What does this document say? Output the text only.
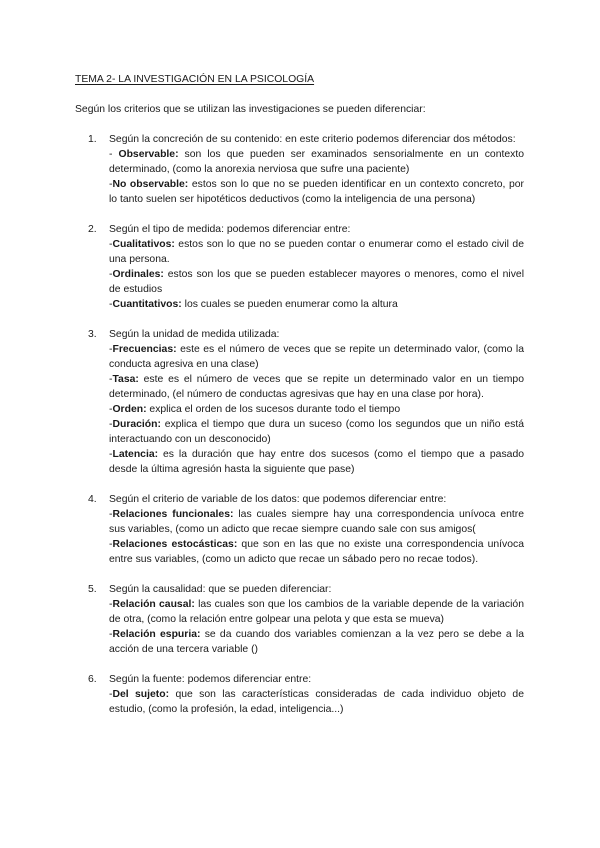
TEMA 2- LA INVESTIGACIÓN EN LA PSICOLOGÍA
Según los criterios que se utilizan las investigaciones se pueden diferenciar:
1. Según la concreción de su contenido: en este criterio podemos diferenciar dos métodos:
- Observable: son los que pueden ser examinados sensorialmente en un contexto determinado, (como la anorexia nerviosa que sufre una paciente)
-No observable: estos son lo que no se pueden identificar en un contexto concreto, por lo tanto suelen ser hipotéticos deductivos (como la inteligencia de una persona)
2. Según el tipo de medida: podemos diferenciar entre:
-Cualitativos: estos son lo que no se pueden contar o enumerar como el estado civil de una persona.
-Ordinales: estos son los que se pueden establecer mayores o menores, como el nivel de estudios
-Cuantitativos: los cuales se pueden enumerar como la altura
3. Según la unidad de medida utilizada:
-Frecuencias: este es el número de veces que se repite un determinado valor, (como la conducta agresiva en una clase)
-Tasa: este es el número de veces que se repite un determinado valor en un tiempo determinado, (el número de conductas agresivas que hay en una clase por hora).
-Orden: explica el orden de los sucesos durante todo el tiempo
-Duración: explica el tiempo que dura un suceso (como los segundos que un niño está interactuando con un desconocido)
-Latencia: es la duración que hay entre dos sucesos (como el tiempo que a pasado desde la última agresión hasta la siguiente que pase)
4. Según el criterio de variable de los datos: que podemos diferenciar entre:
-Relaciones funcionales: las cuales siempre hay una correspondencia unívoca entre sus variables, (como un adicto que recae siempre cuando sale con sus amigos(
-Relaciones estocásticas: que son en las que no existe una correspondencia unívoca entre sus variables, (como un adicto que recae un sábado pero no recae todos).
5. Según la causalidad: que se pueden diferenciar:
-Relación causal: las cuales son que los cambios de la variable depende de la variación de otra, (como la relación entre golpear una pelota y que esta se mueva)
-Relación espuria: se da cuando dos variables comienzan a la vez pero se debe a la acción de una tercera variable ()
6. Según la fuente: podemos diferenciar entre:
-Del sujeto: que son las características consideradas de cada individuo objeto de estudio, (como la profesión, la edad, inteligencia...)
